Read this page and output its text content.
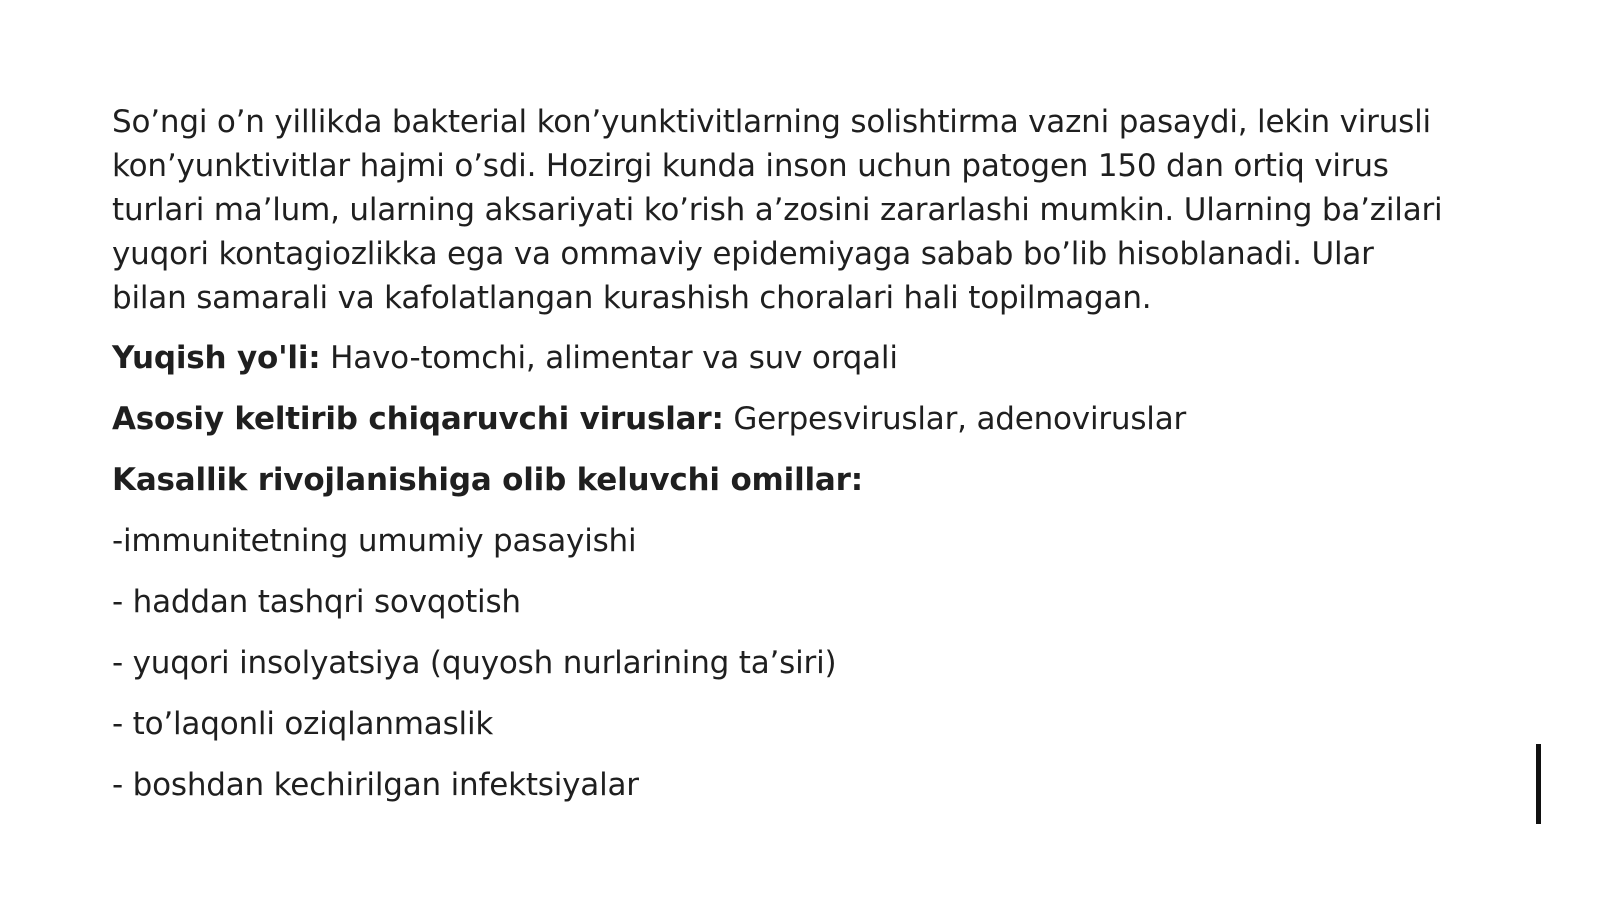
So’ngi o’n yillikda bakterial kon’yunktivitlarning solishtirma vazni pasaydi, lekin virusli kon’yunktivitlar hajmi o’sdi. Hozirgi kunda inson uchun patogen 150 dan ortiq virus turlari ma’lum, ularning aksariyati ko’rish a’zosini zararlashi mumkin. Ularning ba’zilari yuqori kontagiozlikka ega va ommaviy epidemiyaga sabab bo’lib hisoblanadi. Ular bilan samarali va kafolatlangan kurashish choralari hali topilmagan.

Yuqish yo'li: Havo-tomchi, alimentar va suv orqali

Asosiy keltirib chiqaruvchi viruslar: Gerpesviruslar, adenoviruslar

Kasallik rivojlanishiga olib keluvchi omillar:

-immunitetning umumiy pasayishi

- haddan tashqri sovqotish

- yuqori insolyatsiya (quyosh nurlarining ta’siri)

- to’laqonli oziqlanmaslik

- boshdan kechirilgan infektsiyalar
